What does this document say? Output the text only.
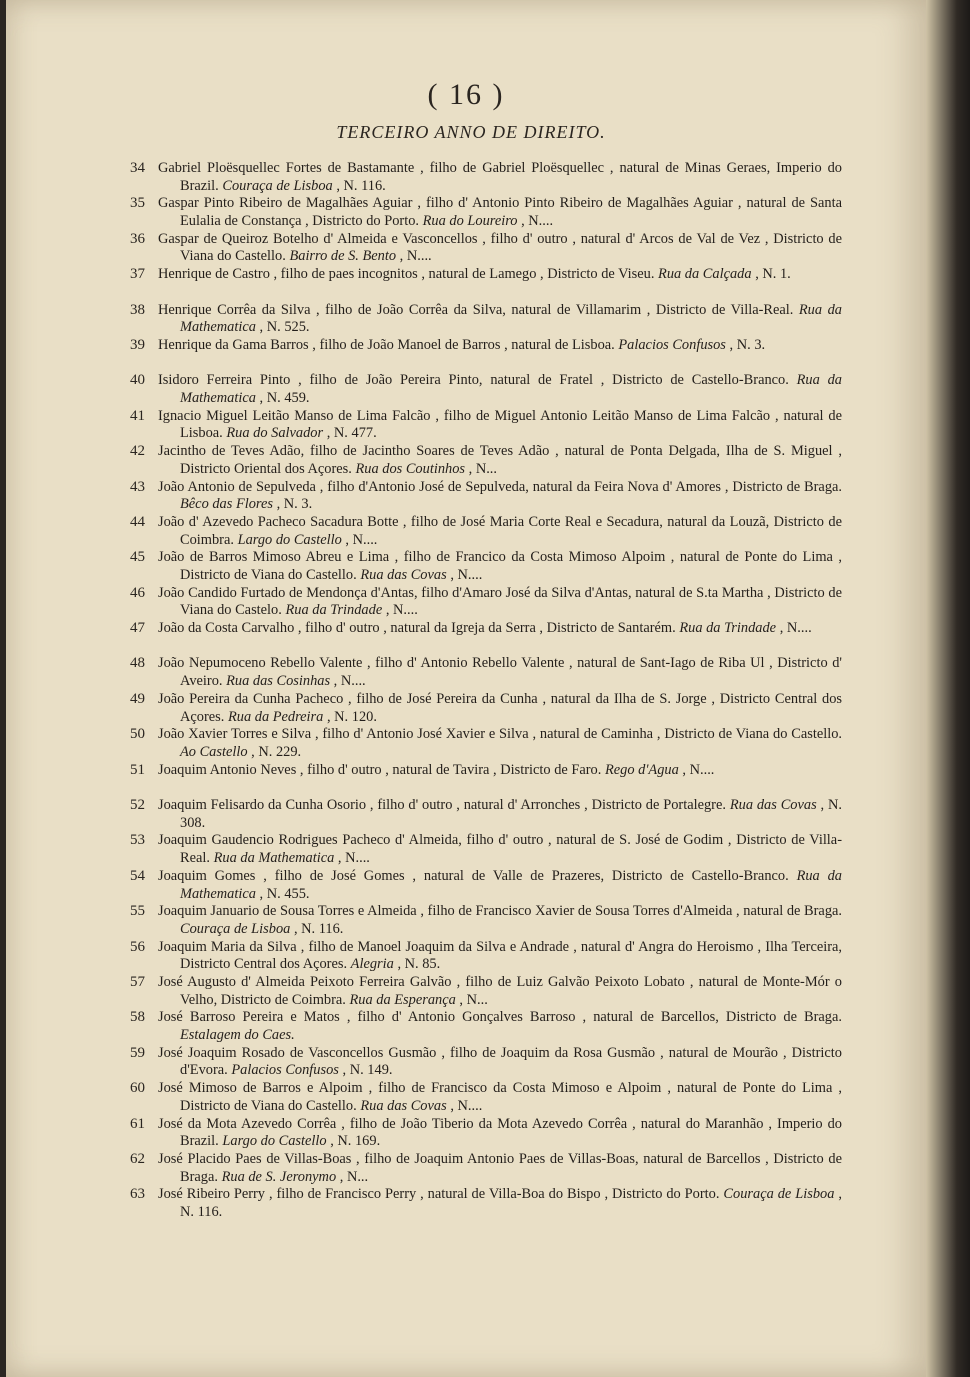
( 16 )
TERCEIRO ANNO DE DIREITO.
34 Gabriel Ploësquellec Fortes de Bastamante , filho de Gabriel Ploësquellec , natural de Minas Geraes, Imperio do Brazil. Couraça de Lisboa , N. 116.
35 Gaspar Pinto Ribeiro de Magalhães Aguiar , filho d' Antonio Pinto Ribeiro de Magalhães Aguiar , natural de Santa Eulalia de Constança , Districto do Porto. Rua do Loureiro , N....
36 Gaspar de Queiroz Botelho d' Almeida e Vasconcellos , filho d' outro , natural d' Arcos de Val de Vez , Districto de Viana do Castello. Bairro de S. Bento , N....
37 Henrique de Castro , filho de paes incognitos , natural de Lamego , Districto de Viseu. Rua da Calçada , N. 1.
38 Henrique Corrêa da Silva , filho de João Corrêa da Silva, natural de Villamarim , Districto de Villa-Real. Rua da Mathematica , N. 525.
39 Henrique da Gama Barros , filho de João Manoel de Barros , natural de Lisboa. Palacios Confusos , N. 3.
40 Isidoro Ferreira Pinto , filho de João Pereira Pinto, natural de Fratel , Districto de Castello-Branco. Rua da Mathematica , N. 459.
41 Ignacio Miguel Leitão Manso de Lima Falcão , filho de Miguel Antonio Leitão Manso de Lima Falcão , natural de Lisboa. Rua do Salvador , N. 477.
42 Jacintho de Teves Adão, filho de Jacintho Soares de Teves Adão , natural de Ponta Delgada, Ilha de S. Miguel , Districto Oriental dos Açores. Rua dos Coutinhos , N...
43 João Antonio de Sepulveda , filho d'Antonio José de Sepulveda, natural da Feira Nova d' Amores , Districto de Braga. Bêco das Flores , N. 3.
44 João d' Azevedo Pacheco Sacadura Botte , filho de José Maria Corte Real e Secadura, natural da Louzã, Districto de Coimbra. Largo do Castello , N....
45 João de Barros Mimoso Abreu e Lima , filho de Francico da Costa Mimoso Alpoim , natural de Ponte do Lima , Districto de Viana do Castello. Rua das Covas , N....
46 João Candido Furtado de Mendonça d'Antas, filho d'Amaro José da Silva d'Antas, natural de S.ta Martha , Districto de Viana do Castelo. Rua da Trindade , N....
47 João da Costa Carvalho , filho d' outro , natural da Igreja da Serra , Districto de Santarém. Rua da Trindade , N....
48 João Nepumoceno Rebello Valente , filho d' Antonio Rebello Valente , natural de Sant-Iago de Riba Ul , Districto d' Aveiro. Rua das Cosinhas , N....
49 João Pereira da Cunha Pacheco , filho de José Pereira da Cunha , natural da Ilha de S. Jorge , Districto Central dos Açores. Rua da Pedreira , N. 120.
50 João Xavier Torres e Silva , filho d' Antonio José Xavier e Silva , natural de Caminha , Districto de Viana do Castello. Ao Castello , N. 229.
51 Joaquim Antonio Neves , filho d' outro , natural de Tavira , Districto de Faro. Rego d'Agua , N....
52 Joaquim Felisardo da Cunha Osorio , filho d' outro , natural d' Arronches , Districto de Portalegre. Rua das Covas , N. 308.
53 Joaquim Gaudencio Rodrigues Pacheco d' Almeida, filho d' outro , natural de S. José de Godim , Districto de Villa-Real. Rua da Mathematica , N....
54 Joaquim Gomes , filho de José Gomes , natural de Valle de Prazeres, Districto de Castello-Branco. Rua da Mathematica , N. 455.
55 Joaquim Januario de Sousa Torres e Almeida , filho de Francisco Xavier de Sousa Torres d'Almeida , natural de Braga. Couraça de Lisboa , N. 116.
56 Joaquim Maria da Silva , filho de Manoel Joaquim da Silva e Andrade , natural d' Angra do Heroismo , Ilha Terceira, Districto Central dos Açores. Alegria , N. 85.
57 José Augusto d' Almeida Peixoto Ferreira Galvão , filho de Luiz Galvão Peixoto Lobato , natural de Monte-Mór o Velho, Districto de Coimbra. Rua da Esperança , N...
58 José Barroso Pereira e Matos , filho d' Antonio Gonçalves Barroso , natural de Barcellos, Districto de Braga. Estalagem do Caes.
59 José Joaquim Rosado de Vasconcellos Gusmão , filho de Joaquim da Rosa Gusmão , natural de Mourão , Districto d'Evora. Palacios Confusos , N. 149.
60 José Mimoso de Barros e Alpoim , filho de Francisco da Costa Mimoso e Alpoim , natural de Ponte do Lima , Districto de Viana do Castello. Rua das Covas , N....
61 José da Mota Azevedo Corrêa , filho de João Tiberio da Mota Azevedo Corrêa , natural do Maranhão , Imperio do Brazil. Largo do Castello , N. 169.
62 José Placido Paes de Villas-Boas , filho de Joaquim Antonio Paes de Villas-Boas, natural de Barcellos , Districto de Braga. Rua de S. Jeronymo , N...
63 José Ribeiro Perry , filho de Francisco Perry , natural de Villa-Boa do Bispo , Districto do Porto. Couraça de Lisboa , N. 116.
